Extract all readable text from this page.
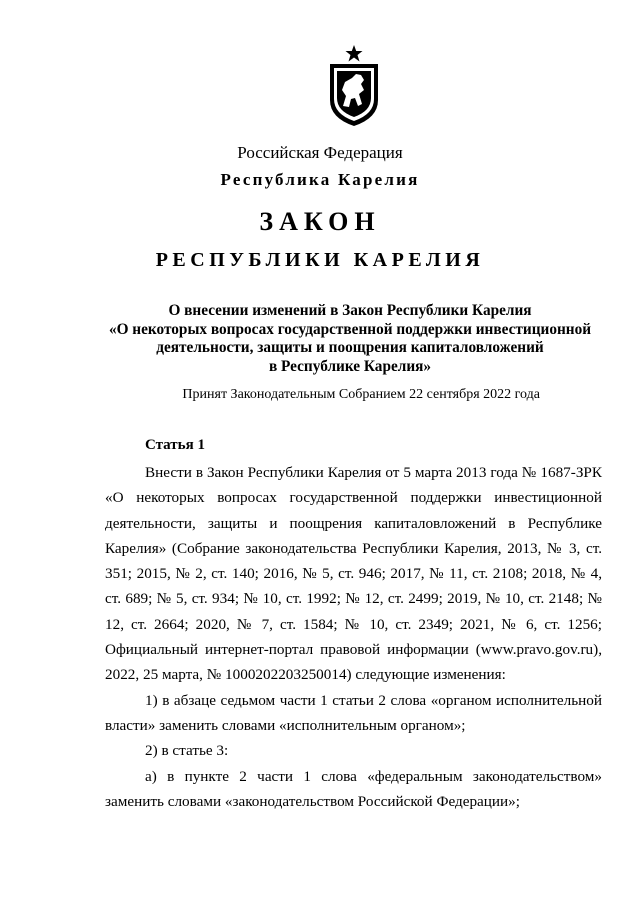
Российская Федерация
Республика Карелия
ЗАКОН
РЕСПУБЛИКИ КАРЕЛИЯ
О внесении изменений в Закон Республики Карелия
«О некоторых вопросах государственной поддержки инвестиционной
деятельности, защиты и поощрения капиталовложений
в Республике Карелия»
Принят Законодательным Собранием 22 сентября 2022 года
Статья 1

Внести в Закон Республики Карелия от 5 марта 2013 года № 1687-ЗРК «О некоторых вопросах государственной поддержки инвестиционной деятельности, защиты и поощрения капиталовложений в Республике Карелия» (Собрание законодательства Республики Карелия, 2013, № 3, ст. 351; 2015, № 2, ст. 140; 2016, № 5, ст. 946; 2017, № 11, ст. 2108; 2018, № 4, ст. 689; № 5, ст. 934; № 10, ст. 1992; № 12, ст. 2499; 2019, № 10, ст. 2148; № 12, ст. 2664; 2020, № 7, ст. 1584; № 10, ст. 2349; 2021, № 6, ст. 1256; Официальный интернет-портал правовой информации (www.pravo.gov.ru), 2022, 25 марта, № 1000202203250014) следующие изменения:

1) в абзаце седьмом части 1 статьи 2 слова «органом исполнительной власти» заменить словами «исполнительным органом»;

2) в статье 3:

а) в пункте 2 части 1 слова «федеральным законодательством» заменить словами «законодательством Российской Федерации»;
